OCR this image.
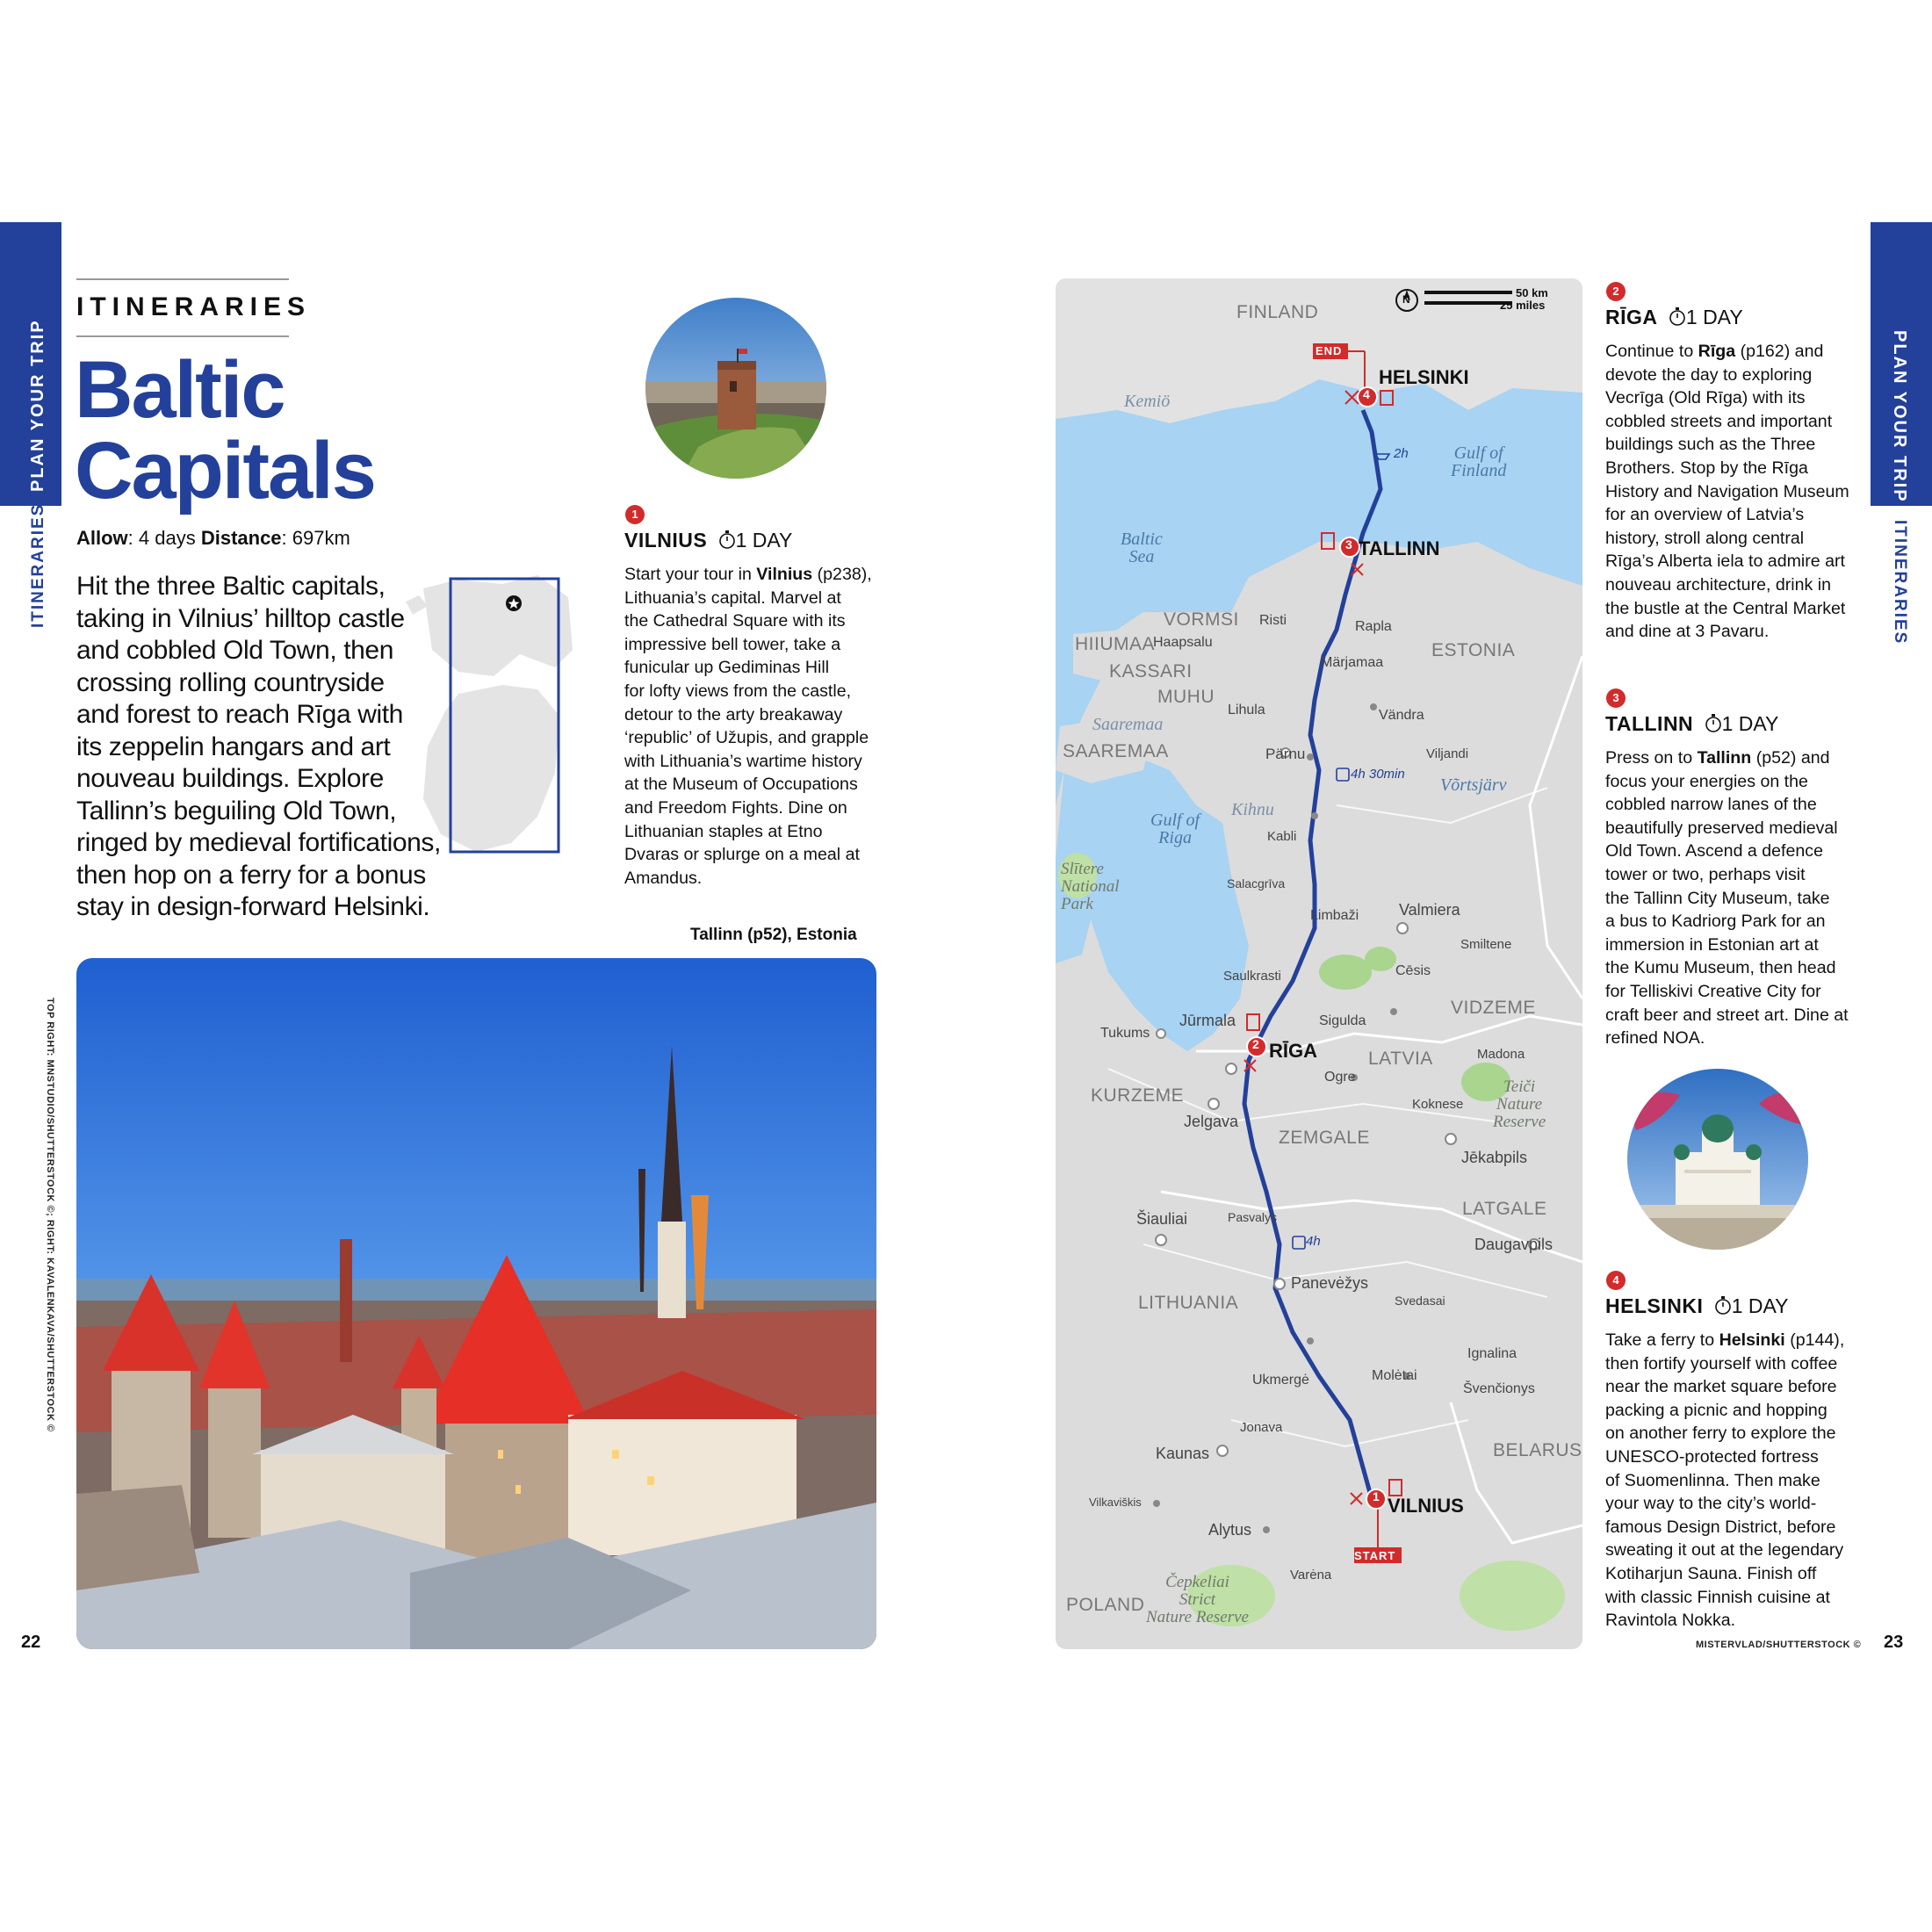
PLAN YOUR TRIP
ITINERARIES
PLAN YOUR TRIP
ITINERARIES
ITINERARIES
Baltic
Capitals
Allow: 4 days Distance: 697km
Hit the three Baltic capitals,
taking in Vilnius’ hilltop castle
and cobbled Old Town, then
crossing rolling countryside
and forest to reach Rīga with
its zeppelin hangars and art
nouveau buildings. Explore
Tallinn’s beguiling Old Town,
ringed by medieval fortifications,
then hop on a ferry for a bonus
stay in design-forward Helsinki.
1
VILNIUS 1 DAY
Start your tour in Vilnius (p238),
Lithuania’s capital. Marvel at
the Cathedral Square with its
impressive bell tower, take a
funicular up Gediminas Hill
for lofty views from the castle,
detour to the arty breakaway
‘republic’ of Užupis, and grapple
with Lithuania’s wartime history
at the Museum of Occupations
and Freedom Fights. Dine on
Lithuanian staples at Etno
Dvaras or splurge on a meal at
Amandus.
2
RĪGA 1 DAY
Continue to Rīga (p162) and
devote the day to exploring
Vecrīga (Old Rīga) with its
cobbled streets and important
buildings such as the Three
Brothers. Stop by the Rīga
History and Navigation Museum
for an overview of Latvia’s
history, stroll along central
Rīga’s Alberta iela to admire art
nouveau architecture, drink in
the bustle at the Central Market
and dine at 3 Pavaru.
3
TALLINN 1 DAY
Press on to Tallinn (p52) and
focus your energies on the
cobbled narrow lanes of the
beautifully preserved medieval
Old Town. Ascend a defence
tower or two, perhaps visit
the Tallinn City Museum, take
a bus to Kadriorg Park for an
immersion in Estonian art at
the Kumu Museum, then head
for Telliskivi Creative City for
craft beer and street art. Dine at
refined NOA.
4
HELSINKI 1 DAY
Take a ferry to Helsinki (p144),
then fortify yourself with coffee
near the market square before
packing a picnic and hopping
on another ferry to explore the
UNESCO-protected fortress
of Suomenlinna. Then make
your way to the city’s world-
famous Design District, before
sweating it out at the legendary
Kotiharjun Sauna. Finish off
with classic Finnish cuisine at
Ravintola Nokka.
Tallinn (p52), Estonia
TOP RIGHT: MNSTUDIO/SHUTTERSTOCK ©; RIGHT: KAVALENKAVA/SHUTTERSTOCK ©
50 km
25 miles
N
START
END
4
3
2
1
HELSINKI
TALLINN
RĪGA
VILNIUS
FINLAND
ESTONIA
LATVIA
LITHUANIA
BELARUS
POLAND
VORMSI
HIIUMAA
KASSARI
MUHU
SAAREMAA
VIDZEME
KURZEME
ZEMGALE
LATGALE
Gulf of
Finland
Baltic
Sea
Gulf of
Riga
Kemiö
Saaremaa
Kihnu
Võrtsjärv
Slītere
National
Park
Teiči
Nature
Reserve
Čepkeliai
Strict
Nature Reserve
Haapsalu
Risti	Rapla
Märjamaa
Lihula	Vändra
Pärnu	Viljandi
Kabli
Salacgrīva
Limbaži	Valmiera
Smiltene
Cēsis
Saulkrasti
Jūrmala	Sigulda
Tukums
Madona
Ogre
Koknese
Jelgava
Jēkabpils
Šiauliai	Pasvalys
Daugavpils
Panevėžys
Svedasai
Ignalina
Ukmergė	Molėtai
Švenčionys
Jonava
Kaunas
Vilkaviškis
Alytus
Varėna
2h
4h 30min
4h
MISTERVLAD/SHUTTERSTOCK ©
22	23
